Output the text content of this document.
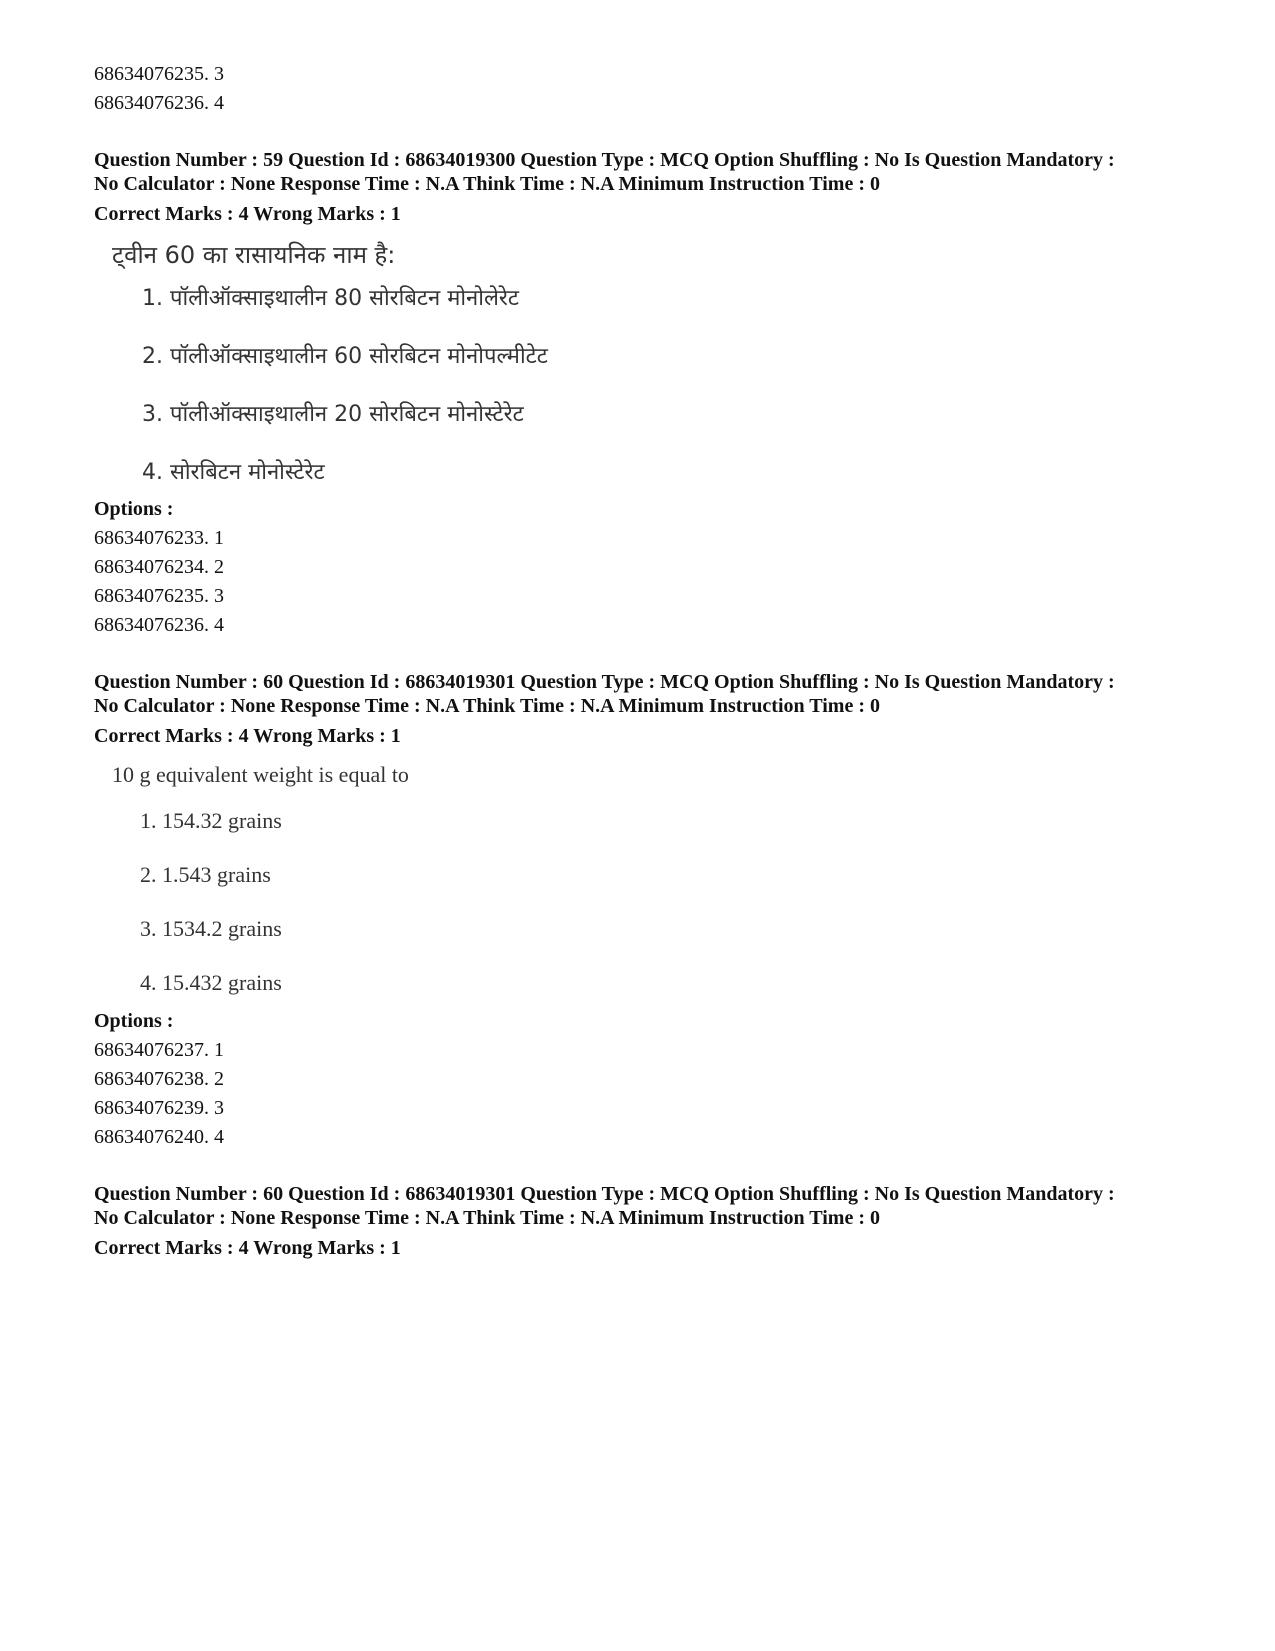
68634076235. 3
68634076236. 4
Question Number : 59 Question Id : 68634019300 Question Type : MCQ Option Shuffling : No Is Question Mandatory :
No Calculator : None Response Time : N.A Think Time : N.A Minimum Instruction Time : 0
Correct Marks : 4 Wrong Marks : 1
ट्वीन 60 का रासायनिक नाम है:
1. पॉलीऑक्साइथालीन 80 सोरबिटन मोनोलेरेट
2. पॉलीऑक्साइथालीन 60 सोरबिटन मोनोपल्मीटेट
3. पॉलीऑक्साइथालीन 20 सोरबिटन मोनोस्टेरेट
4. सोरबिटन मोनोस्टेरेट
Options :
68634076233. 1
68634076234. 2
68634076235. 3
68634076236. 4
Question Number : 60 Question Id : 68634019301 Question Type : MCQ Option Shuffling : No Is Question Mandatory :
No Calculator : None Response Time : N.A Think Time : N.A Minimum Instruction Time : 0
Correct Marks : 4 Wrong Marks : 1
10 g equivalent weight is equal to
1. 154.32 grains
2. 1.543 grains
3. 1534.2 grains
4. 15.432 grains
Options :
68634076237. 1
68634076238. 2
68634076239. 3
68634076240. 4
Question Number : 60 Question Id : 68634019301 Question Type : MCQ Option Shuffling : No Is Question Mandatory :
No Calculator : None Response Time : N.A Think Time : N.A Minimum Instruction Time : 0
Correct Marks : 4 Wrong Marks : 1
